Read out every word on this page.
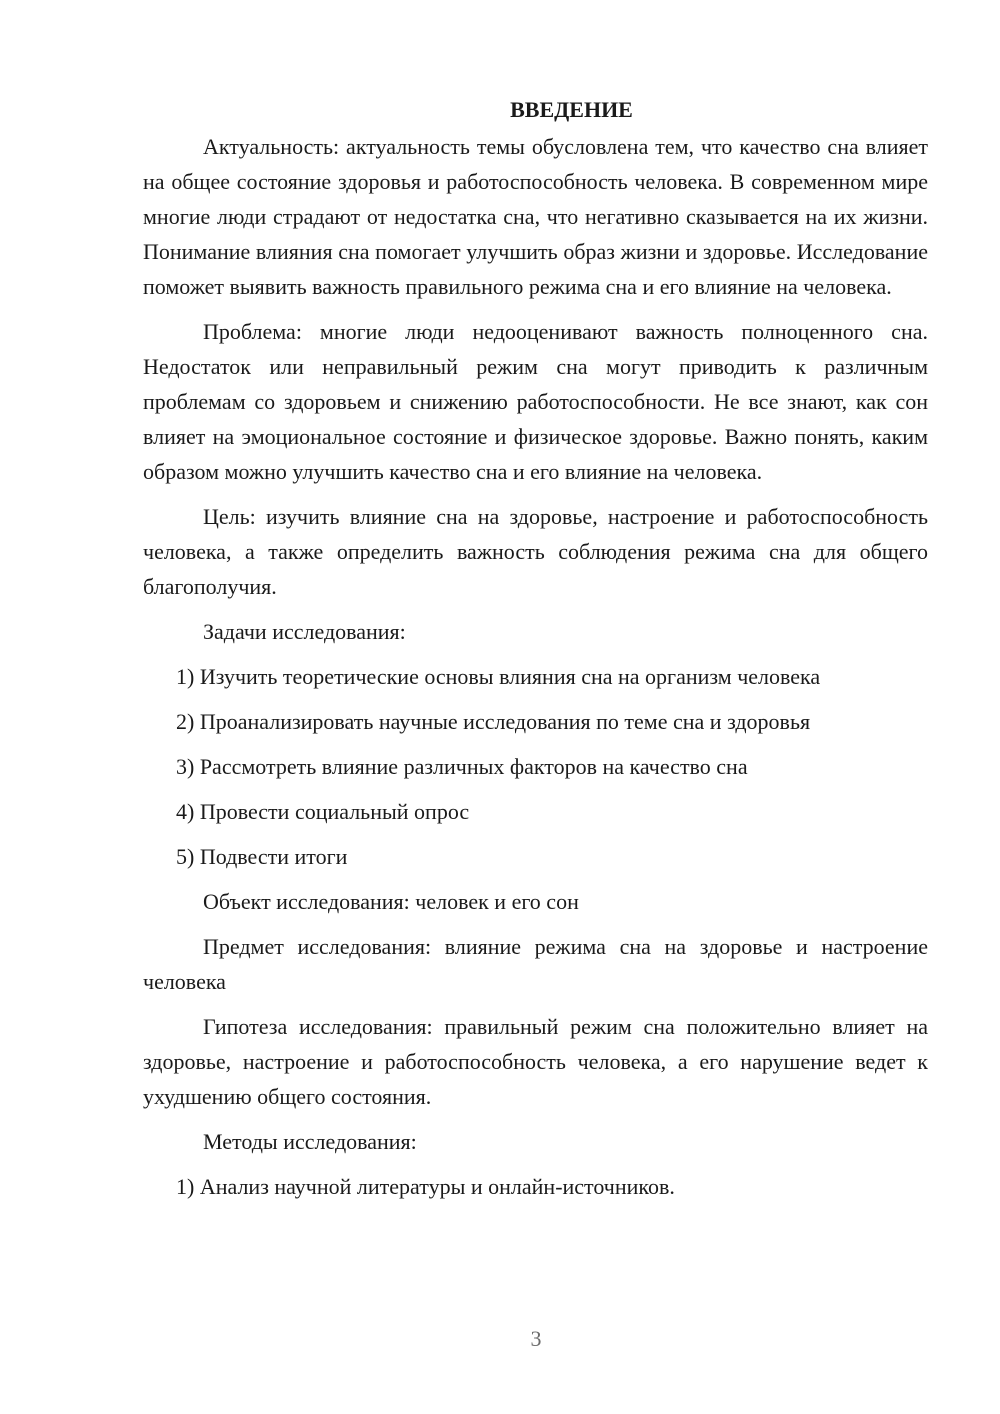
ВВЕДЕНИЕ

Актуальность: актуальность темы обусловлена тем, что качество сна влияет на общее состояние здоровья и работоспособность человека. В современном мире многие люди страдают от недостатка сна, что негативно сказывается на их жизни. Понимание влияния сна помогает улучшить образ жизни и здоровье. Исследование поможет выявить важность правильного режима сна и его влияние на человека.

Проблема: многие люди недооценивают важность полноценного сна. Недостаток или неправильный режим сна могут приводить к различным проблемам со здоровьем и снижению работоспособности. Не все знают, как сон влияет на эмоциональное состояние и физическое здоровье. Важно понять, каким образом можно улучшить качество сна и его влияние на человека.

Цель: изучить влияние сна на здоровье, настроение и работоспособность человека, а также определить важность соблюдения режима сна для общего благополучия.

Задачи исследования:
1) Изучить теоретические основы влияния сна на организм человека
2) Проанализировать научные исследования по теме сна и здоровья
3) Рассмотреть влияние различных факторов на качество сна
4) Провести социальный опрос
5) Подвести итоги
Объект исследования: человек и его сон

Предмет исследования: влияние режима сна на здоровье и настроение человека

Гипотеза исследования: правильный режим сна положительно влияет на здоровье, настроение и работоспособность человека, а его нарушение ведет к ухудшению общего состояния.

Методы исследования:
1) Анализ научной литературы и онлайн-источников.
3
